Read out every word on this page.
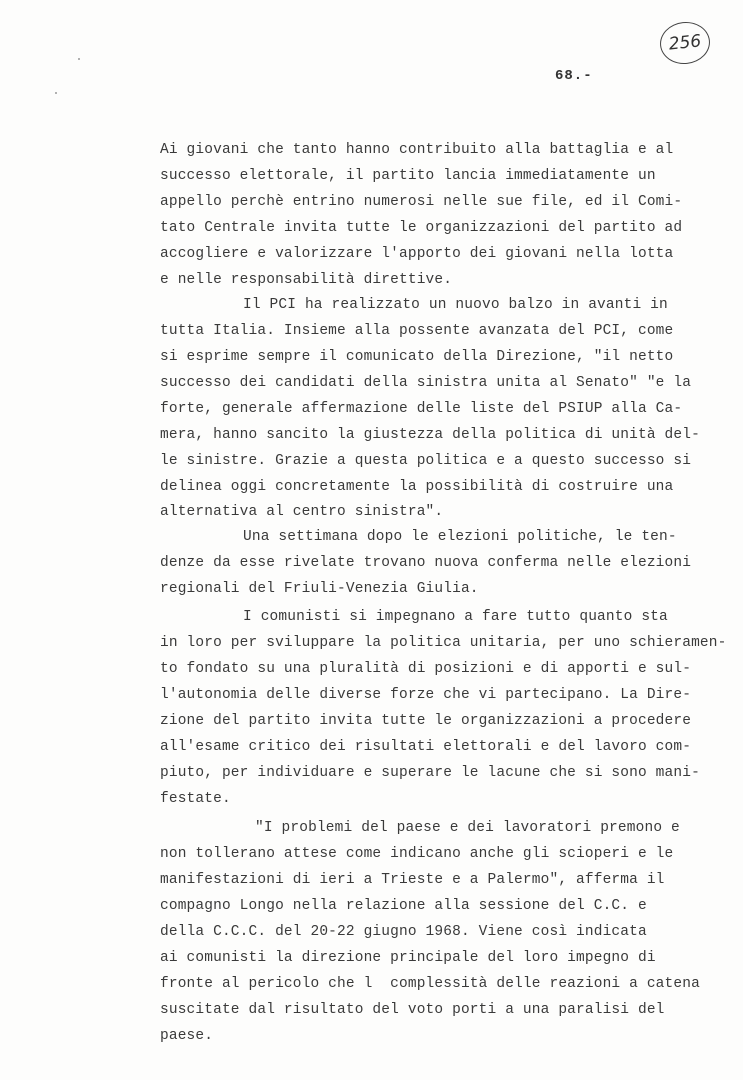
256
68.-
Ai giovani che tanto hanno contribuito alla battaglia e al
successo elettorale, il partito lancia immediatamente un
appello perchè entrino numerosi nelle sue file, ed il Comi-
tato Centrale invita tutte le organizzazioni del partito ad
accogliere e valorizzare l'apporto dei giovani nella lotta
e nelle responsabilità direttive.
Il PCI ha realizzato un nuovo balzo in avanti in
tutta Italia. Insieme alla possente avanzata del PCI, come
si esprime sempre il comunicato della Direzione, "il netto
successo dei candidati della sinistra unita al Senato" "e la
forte, generale affermazione delle liste del PSIUP alla Ca-
mera, hanno sancito la giustezza della politica di unità del-
le sinistre. Grazie a questa politica e a questo successo si
delinea oggi concretamente la possibilità di costruire una
alternativa al centro sinistra".
Una settimana dopo le elezioni politiche, le ten-
denze da esse rivelate trovano nuova conferma nelle elezioni
regionali del Friuli-Venezia Giulia.
I comunisti si impegnano a fare tutto quanto sta
in loro per sviluppare la politica unitaria, per uno schieramen-
to fondato su una pluralità di posizioni e di apporti e sul-
l'autonomia delle diverse forze che vi partecipano. La Dire-
zione del partito invita tutte le organizzazioni a procedere
all'esame critico dei risultati elettorali e del lavoro com-
piuto, per individuare e superare le lacune che si sono mani-
festate.
"I problemi del paese e dei lavoratori premono e
non tollerano attese come indicano anche gli scioperi e le
manifestazioni di ieri a Trieste e a Palermo", afferma il
compagno Longo nella relazione alla sessione del C.C. e
della C.C.C. del 20-22 giugno 1968. Viene così indicata
ai comunisti la direzione principale del loro impegno di
fronte al pericolo che l  complessità delle reazioni a catena
suscitate dal risultato del voto porti a una paralisi del
paese.
